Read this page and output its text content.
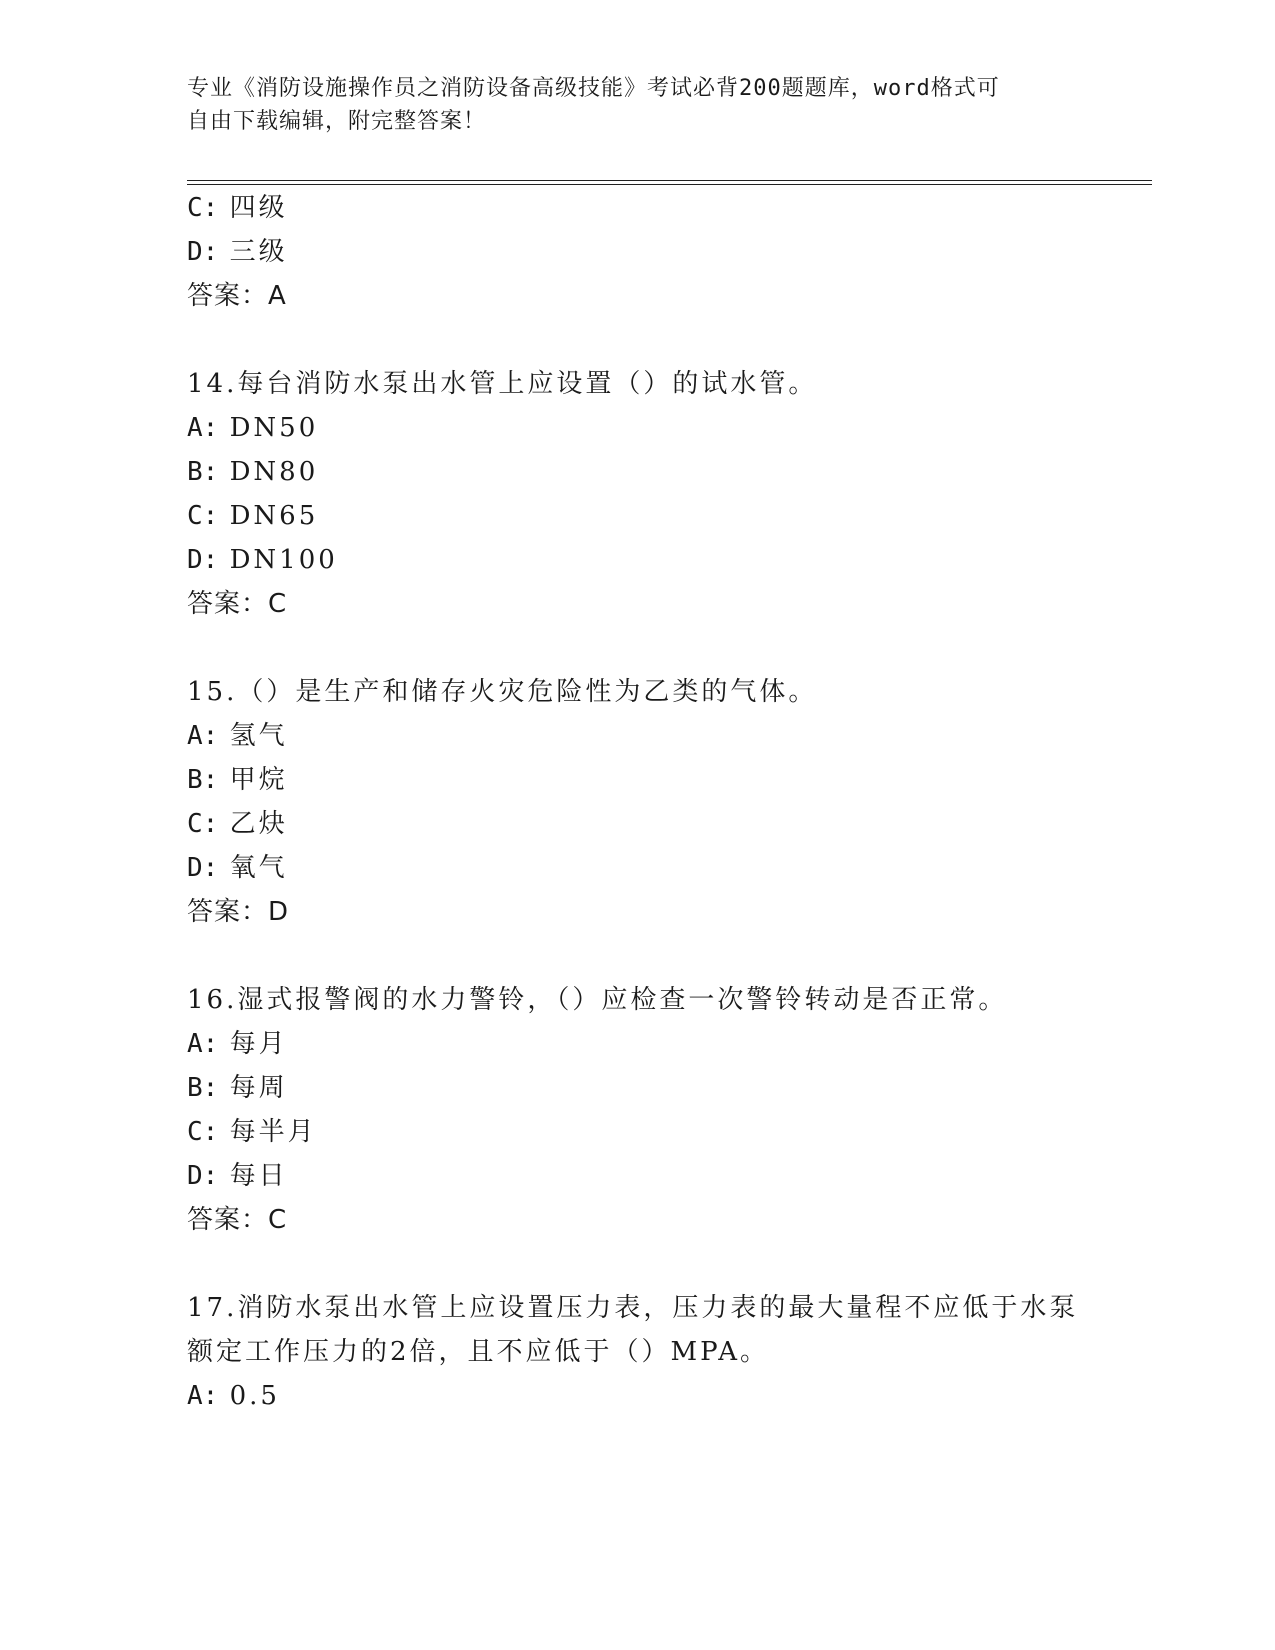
专业《消防设施操作员之消防设备高级技能》考试必背200题题库，word格式可
自由下载编辑，附完整答案！
C: 四级
D: 三级
答案：A
14.每台消防水泵出水管上应设置（）的试水管。
A: DN50
B: DN80
C: DN65
D: DN100
答案：C
15.（）是生产和储存火灾危险性为乙类的气体。
A: 氢气
B: 甲烷
C: 乙炔
D: 氧气
答案：D
16.湿式报警阀的水力警铃，（）应检查一次警铃转动是否正常。
A: 每月
B: 每周
C: 每半月
D: 每日
答案：C
17.消防水泵出水管上应设置压力表，压力表的最大量程不应低于水泵
额定工作压力的2倍，且不应低于（）MPA。
A: 0.5
